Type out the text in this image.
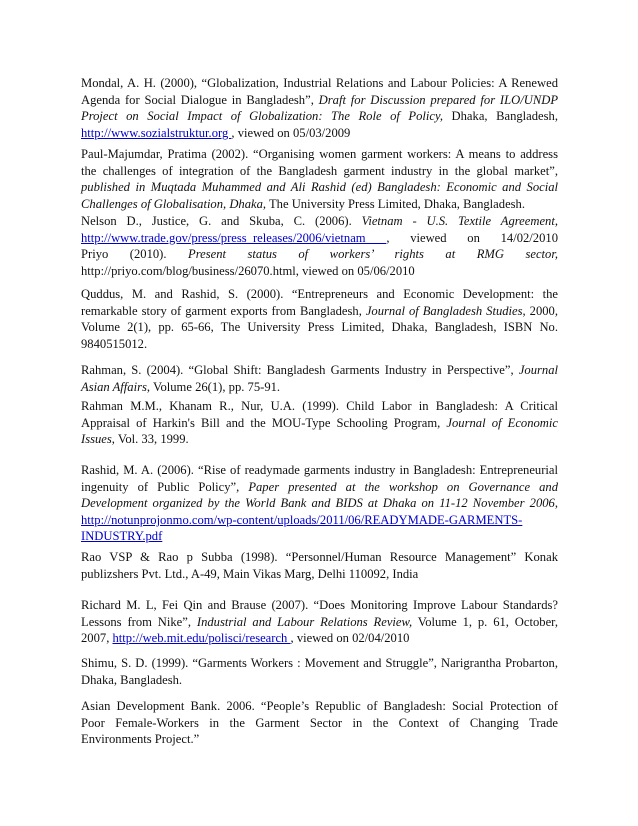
Mondal, A. H. (2000), “Globalization, Industrial Relations and Labour Policies: A Renewed
Agenda for Social Dialogue in Bangladesh”, Draft for Discussion prepared for ILO/UNDP
Project on Social Impact of Globalization: The Role of Policy, Dhaka, Bangladesh,
http://www.sozialstruktur.org , viewed on 05/03/2009
Paul-Majumdar, Pratima (2002). “Organising women garment workers: A means to address
the challenges of integration of the Bangladesh garment industry in the global market”,
published in Muqtada Muhammed and Ali Rashid (ed) Bangladesh: Economic and Social
Challenges of Globalisation, Dhaka, The University Press Limited, Dhaka, Bangladesh.
Nelson D., Justice, G. and Skuba, C. (2006). Vietnam - U.S. Textile Agreement,
http://www.trade.gov/press/press_releases/2006/vietnam , viewed on 14/02/2010
Priyo (2010). Present status of workers’ rights at RMG sector,
http://priyo.com/blog/business/26070.html, viewed on 05/06/2010
Quddus, M. and Rashid, S. (2000). “Entrepreneurs and Economic Development: the
remarkable story of garment exports from Bangladesh, Journal of Bangladesh Studies, 2000,
Volume 2(1), pp. 65-66, The University Press Limited, Dhaka, Bangladesh, ISBN No.
9840515012.
Rahman, S. (2004). “Global Shift: Bangladesh Garments Industry in Perspective”, Journal
Asian Affairs, Volume 26(1), pp. 75-91.
Rahman M.M., Khanam R., Nur, U.A. (1999). Child Labor in Bangladesh: A Critical
Appraisal of Harkin's Bill and the MOU-Type Schooling Program, Journal of Economic
Issues, Vol. 33, 1999.
Rashid, M. A. (2006). “Rise of readymade garments industry in Bangladesh: Entrepreneurial
ingenuity of Public Policy”, Paper presented at the workshop on Governance and
Development organized by the World Bank and BIDS at Dhaka on 11-12 November 2006,
http://notunprojonmo.com/wp-content/uploads/2011/06/READYMADE-GARMENTS-
INDUSTRY.pdf
Rao VSP & Rao p Subba (1998). “Personnel/Human Resource Management” Konak
publizshers Pvt. Ltd., A-49, Main Vikas Marg, Delhi 110092, India
Richard M. L, Fei Qin and Brause (2007). “Does Monitoring Improve Labour Standards?
Lessons from Nike”, Industrial and Labour Relations Review, Volume 1, p. 61, October,
2007, http://web.mit.edu/polisci/research , viewed on 02/04/2010
Shimu, S. D. (1999). “Garments Workers : Movement and Struggle”, Narigrantha Probarton,
Dhaka, Bangladesh.
Asian Development Bank. 2006. “People’s Republic of Bangladesh: Social Protection of
Poor Female-Workers in the Garment Sector in the Context of Changing Trade
Environments Project.”
